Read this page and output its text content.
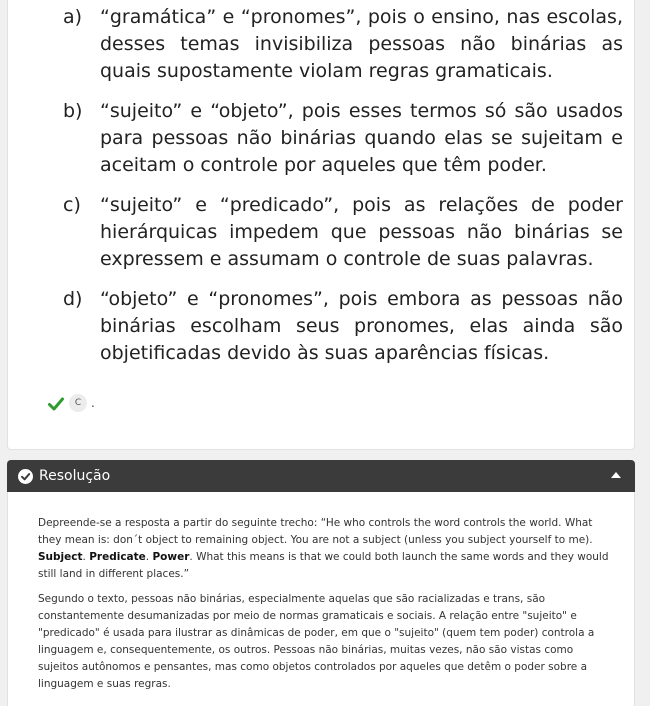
a) “gramática” e “pronomes”, pois o ensino, nas escolas, desses temas invisibiliza pessoas não binárias as quais supostamente violam regras gramaticais.
b) “sujeito” e “objeto”, pois esses termos só são usados para pessoas não binárias quando elas se sujeitam e aceitam o controle por aqueles que têm poder.
c)	“sujeito” e “predicado”, pois as relações de poder hierárquicas impedem que pessoas não binárias se expressem e assumam o controle de suas palavras.
d) “objeto” e “pronomes”, pois embora as pessoas não binárias escolham seus pronomes, elas ainda são objetificadas devido às suas aparências físicas.
C .
Resolução

Depreende-se a resposta a partir do seguinte trecho: “He who controls the word controls the world. What they mean is: don´t object to remaining object. You are not a subject (unless you subject yourself to me). Subject. Predicate. Power. What this means is that we could both launch the same words and they would still land in different places.”

Segundo o texto, pessoas não binárias, especialmente aquelas que são racializadas e trans, são constantemente desumanizadas por meio de normas gramaticais e sociais. A relação entre "sujeito" e "predicado" é usada para ilustrar as dinâmicas de poder, em que o "sujeito" (quem tem poder) controla a linguagem e, consequentemente, os outros. Pessoas não binárias, muitas vezes, não são vistas como sujeitos autônomos e pensantes, mas como objetos controlados por aqueles que detêm o poder sobre a linguagem e suas regras.
